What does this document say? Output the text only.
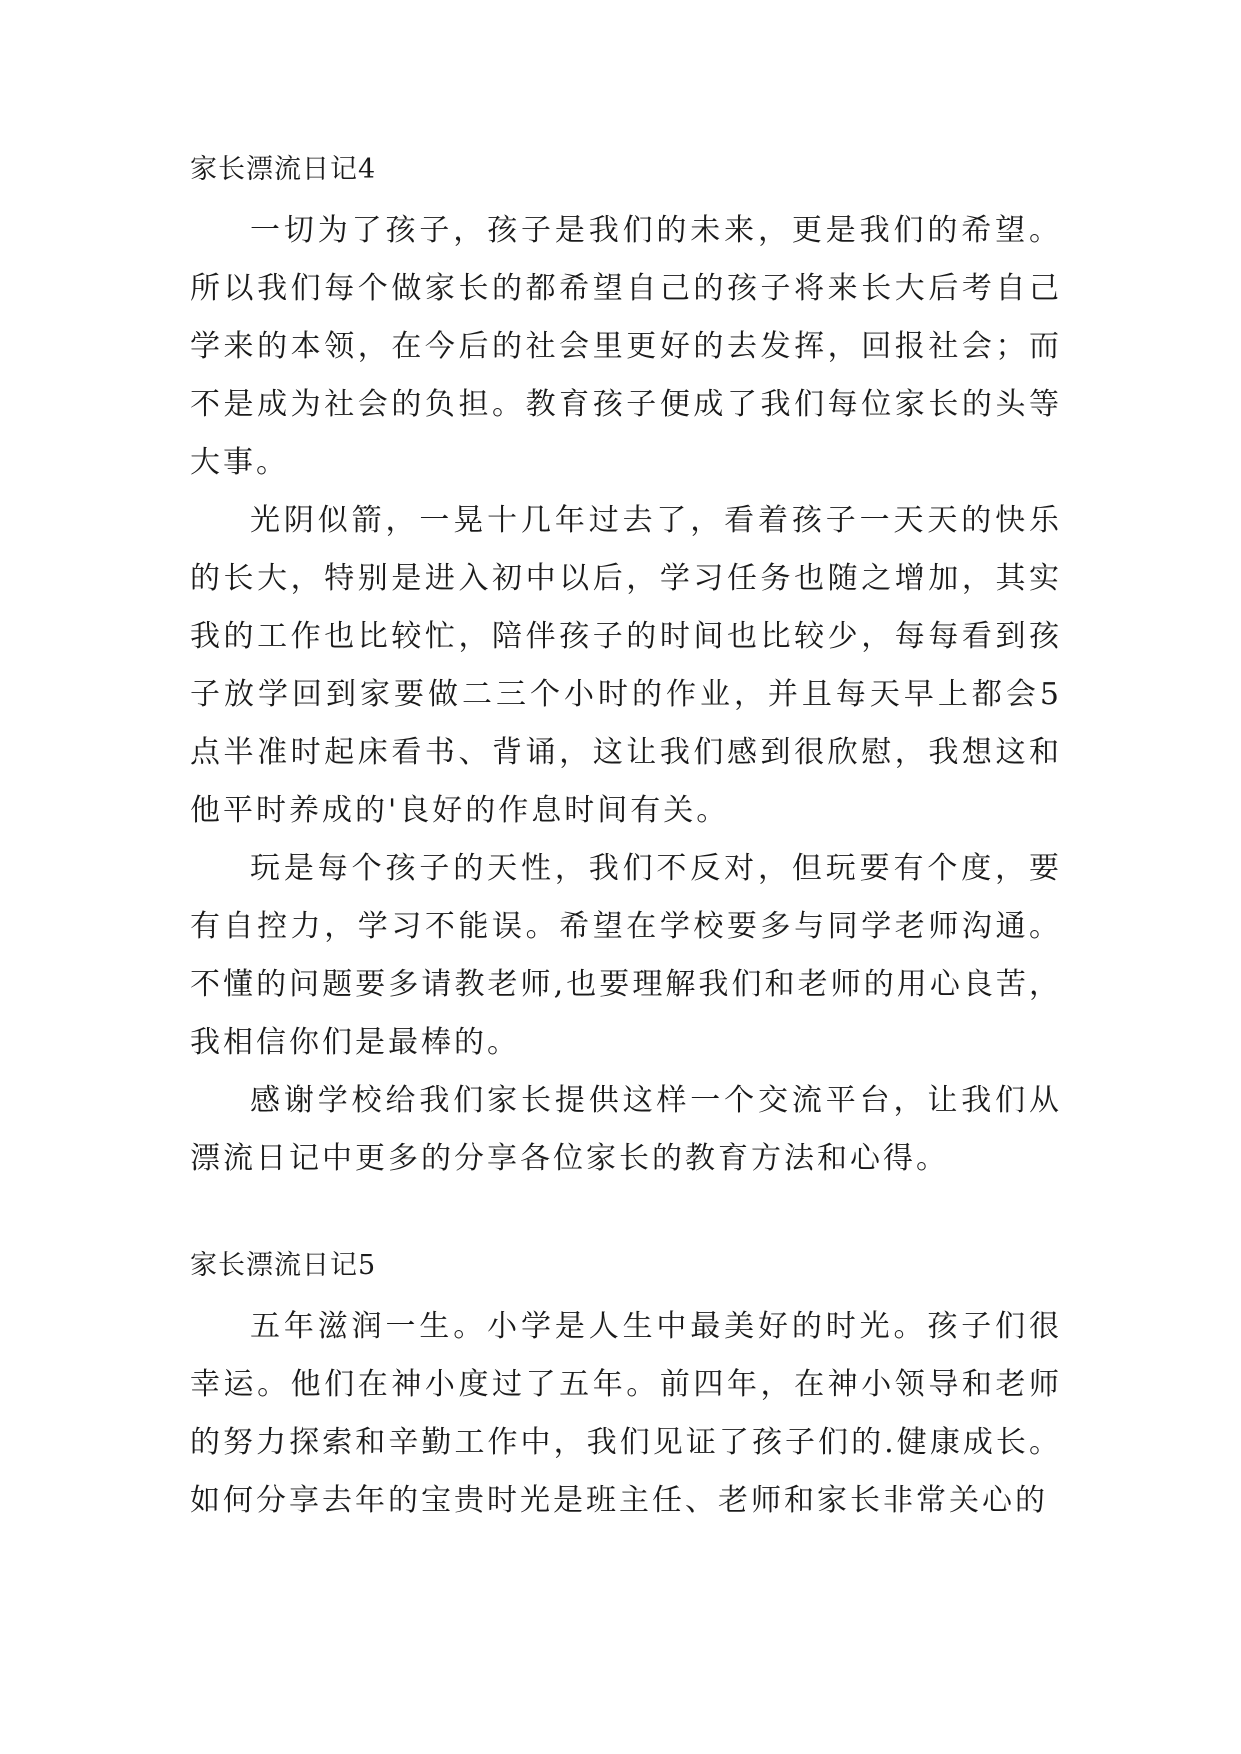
家长漂流日记4

一切为了孩子，孩子是我们的未来，更是我们的希望。所以我们每个做家长的都希望自己的孩子将来长大后考自己学来的本领，在今后的社会里更好的去发挥，回报社会；而不是成为社会的负担。教育孩子便成了我们每位家长的头等大事。

光阴似箭，一晃十几年过去了，看着孩子一天天的快乐的长大，特别是进入初中以后，学习任务也随之增加，其实我的工作也比较忙，陪伴孩子的时间也比较少，每每看到孩子放学回到家要做二三个小时的作业，并且每天早上都会5点半准时起床看书、背诵，这让我们感到很欣慰，我想这和他平时养成的'良好的作息时间有关。

玩是每个孩子的天性，我们不反对，但玩要有个度，要有自控力，学习不能误。希望在学校要多与同学老师沟通。不懂的问题要多请教老师,也要理解我们和老师的用心良苦，我相信你们是最棒的。

感谢学校给我们家长提供这样一个交流平台，让我们从漂流日记中更多的分享各位家长的教育方法和心得。

家长漂流日记5

五年滋润一生。小学是人生中最美好的时光。孩子们很幸运。他们在神小度过了五年。前四年，在神小领导和老师的努力探索和辛勤工作中，我们见证了孩子们的.健康成长。如何分享去年的宝贵时光是班主任、老师和家长非常关心的
